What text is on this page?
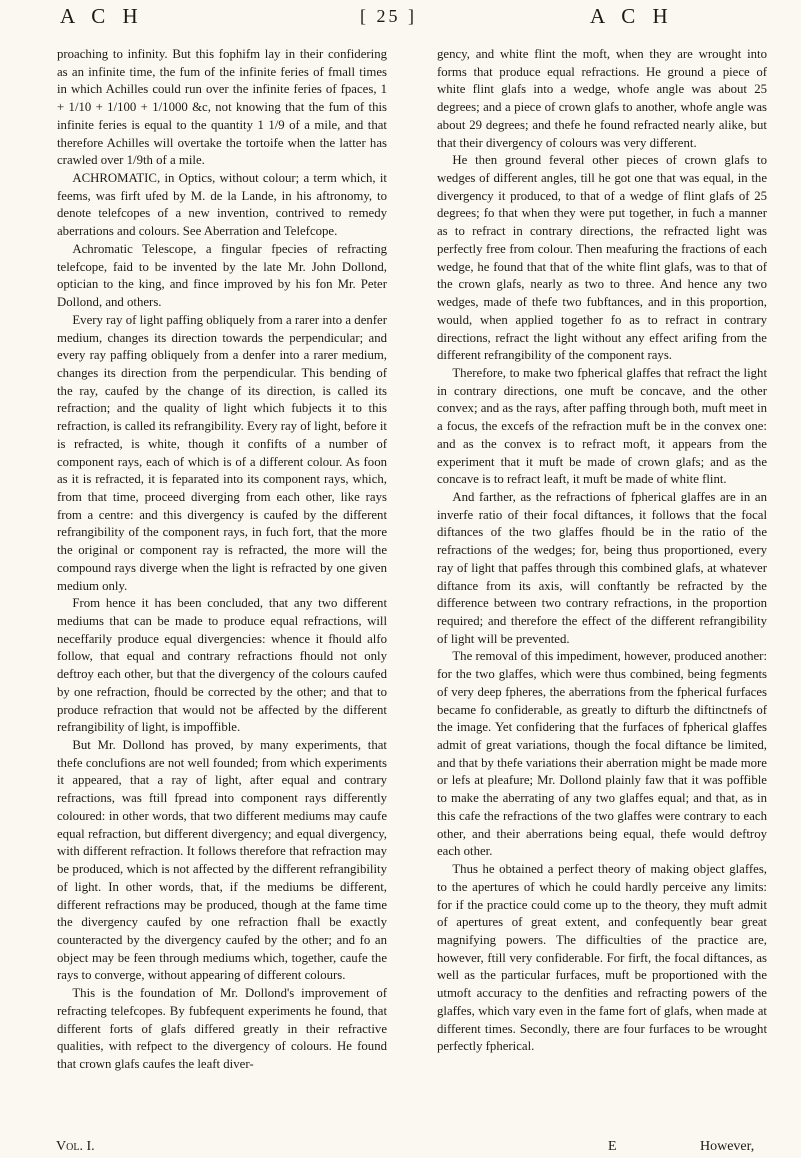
A C H	[ 25 ]	A C H

proaching to infinity. But this fophifm lay in their confidering as an infinite time, the fum of the infinite feries of fmall times in which Achilles could run over the infinite feries of fpaces, 1 + 1/10 + 1/100 + 1/1000 &c, not knowing that the fum of this infinite feries is equal to the quantity 1 1/9 of a mile, and that therefore Achilles will overtake the tortoife when the latter has crawled over 1/9th of a mile.

ACHROMATIC, in Optics, without colour; a term which, it feems, was firft ufed by M. de la Lande, in his aftronomy, to denote telefcopes of a new invention, contrived to remedy aberrations and colours. See Aberration and Telefcope.

Achromatic Telescope, a fingular fpecies of refracting telefcope, faid to be invented by the late Mr. John Dollond, optician to the king, and fince improved by his fon Mr. Peter Dollond, and others.

Every ray of light paffing obliquely from a rarer into a denfer medium, changes its direction towards the perpendicular; and every ray paffing obliquely from a denfer into a rarer medium, changes its direction from the perpendicular. This bending of the ray, caufed by the change of its direction, is called its refraction; and the quality of light which fubjects it to this refraction, is called its refrangibility. Every ray of light, before it is refracted, is white, though it confifts of a number of component rays, each of which is of a different colour. As foon as it is refracted, it is feparated into its component rays, which, from that time, proceed diverging from each other, like rays from a centre: and this divergency is caufed by the different refrangibility of the component rays, in fuch fort, that the more the original or component ray is refracted, the more will the compound rays diverge when the light is refracted by one given medium only.

From hence it has been concluded, that any two different mediums that can be made to produce equal refractions, will neceffarily produce equal divergencies: whence it fhould alfo follow, that equal and contrary refractions fhould not only deftroy each other, but that the divergency of the colours caufed by one refraction, fhould be corrected by the other; and that to produce refraction that would not be affected by the different refrangibility of light, is impoffible.

But Mr. Dollond has proved, by many experiments, that thefe conclufions are not well founded; from which experiments it appeared, that a ray of light, after equal and contrary refractions, was ftill fpread into component rays differently coloured: in other words, that two different mediums may caufe equal refraction, but different divergency; and equal divergency, with different refraction. It follows therefore that refraction may be produced, which is not affected by the different refrangibility of light. In other words, that, if the mediums be different, different refractions may be produced, though at the fame time the divergency caufed by one refraction fhall be exactly counteracted by the divergency caufed by the other; and fo an object may be feen through mediums which, together, caufe the rays to converge, without appearing of different colours.

This is the foundation of Mr. Dollond's improvement of refracting telefcopes. By fubfequent experiments he found, that different forts of glafs differed greatly in their refractive qualities, with refpect to the divergency of colours. He found that crown glafs caufes the leaft diver-

gency, and white flint the moft, when they are wrought into forms that produce equal refractions. He ground a piece of white flint glafs into a wedge, whofe angle was about 25 degrees; and a piece of crown glafs to another, whofe angle was about 29 degrees; and thefe he found refracted nearly alike, but that their divergency of colours was very different.

He then ground feveral other pieces of crown glafs to wedges of different angles, till he got one that was equal, in the divergency it produced, to that of a wedge of flint glafs of 25 degrees; fo that when they were put together, in fuch a manner as to refract in contrary directions, the refracted light was perfectly free from colour. Then meafuring the fractions of each wedge, he found that that of the white flint glafs, was to that of the crown glafs, nearly as two to three. And hence any two wedges, made of thefe two fubftances, and in this proportion, would, when applied together fo as to refract in contrary directions, refract the light without any effect arifing from the different refrangibility of the component rays.

Therefore, to make two fpherical glaffes that refract the light in contrary directions, one muft be concave, and the other convex; and as the rays, after paffing through both, muft meet in a focus, the excefs of the refraction muft be in the convex one: and as the convex is to refract moft, it appears from the experiment that it muft be made of crown glafs; and as the concave is to refract leaft, it muft be made of white flint.

And farther, as the refractions of fpherical glaffes are in an inverfe ratio of their focal diftances, it follows that the focal diftances of the two glaffes fhould be in the ratio of the refractions of the wedges; for, being thus proportioned, every ray of light that paffes through this combined glafs, at whatever diftance from its axis, will conftantly be refracted by the difference between two contrary refractions, in the proportion required; and therefore the effect of the different refrangibility of light will be prevented.

The removal of this impediment, however, produced another: for the two glaffes, which were thus combined, being fegments of very deep fpheres, the aberrations from the fpherical furfaces became fo confiderable, as greatly to difturb the diftinctnefs of the image. Yet confidering that the furfaces of fpherical glaffes admit of great variations, though the focal diftance be limited, and that by thefe variations their aberration might be made more or lefs at pleafure; Mr. Dollond plainly faw that it was poffible to make the aberrating of any two glaffes equal; and that, as in this cafe the refractions of the two glaffes were contrary to each other, and their aberrations being equal, thefe would deftroy each other.

Thus he obtained a perfect theory of making object glaffes, to the apertures of which he could hardly perceive any limits: for if the practice could come up to the theory, they muft admit of apertures of great extent, and confequently bear great magnifying powers. The difficulties of the practice are, however, ftill very confiderable. For firft, the focal diftances, as well as the particular furfaces, muft be proportioned with the utmoft accuracy to the denfities and refracting powers of the glaffes, which vary even in the fame fort of glafs, when made at different times. Secondly, there are four furfaces to be wrought perfectly fpherical.

Vol. I.	E	However,
